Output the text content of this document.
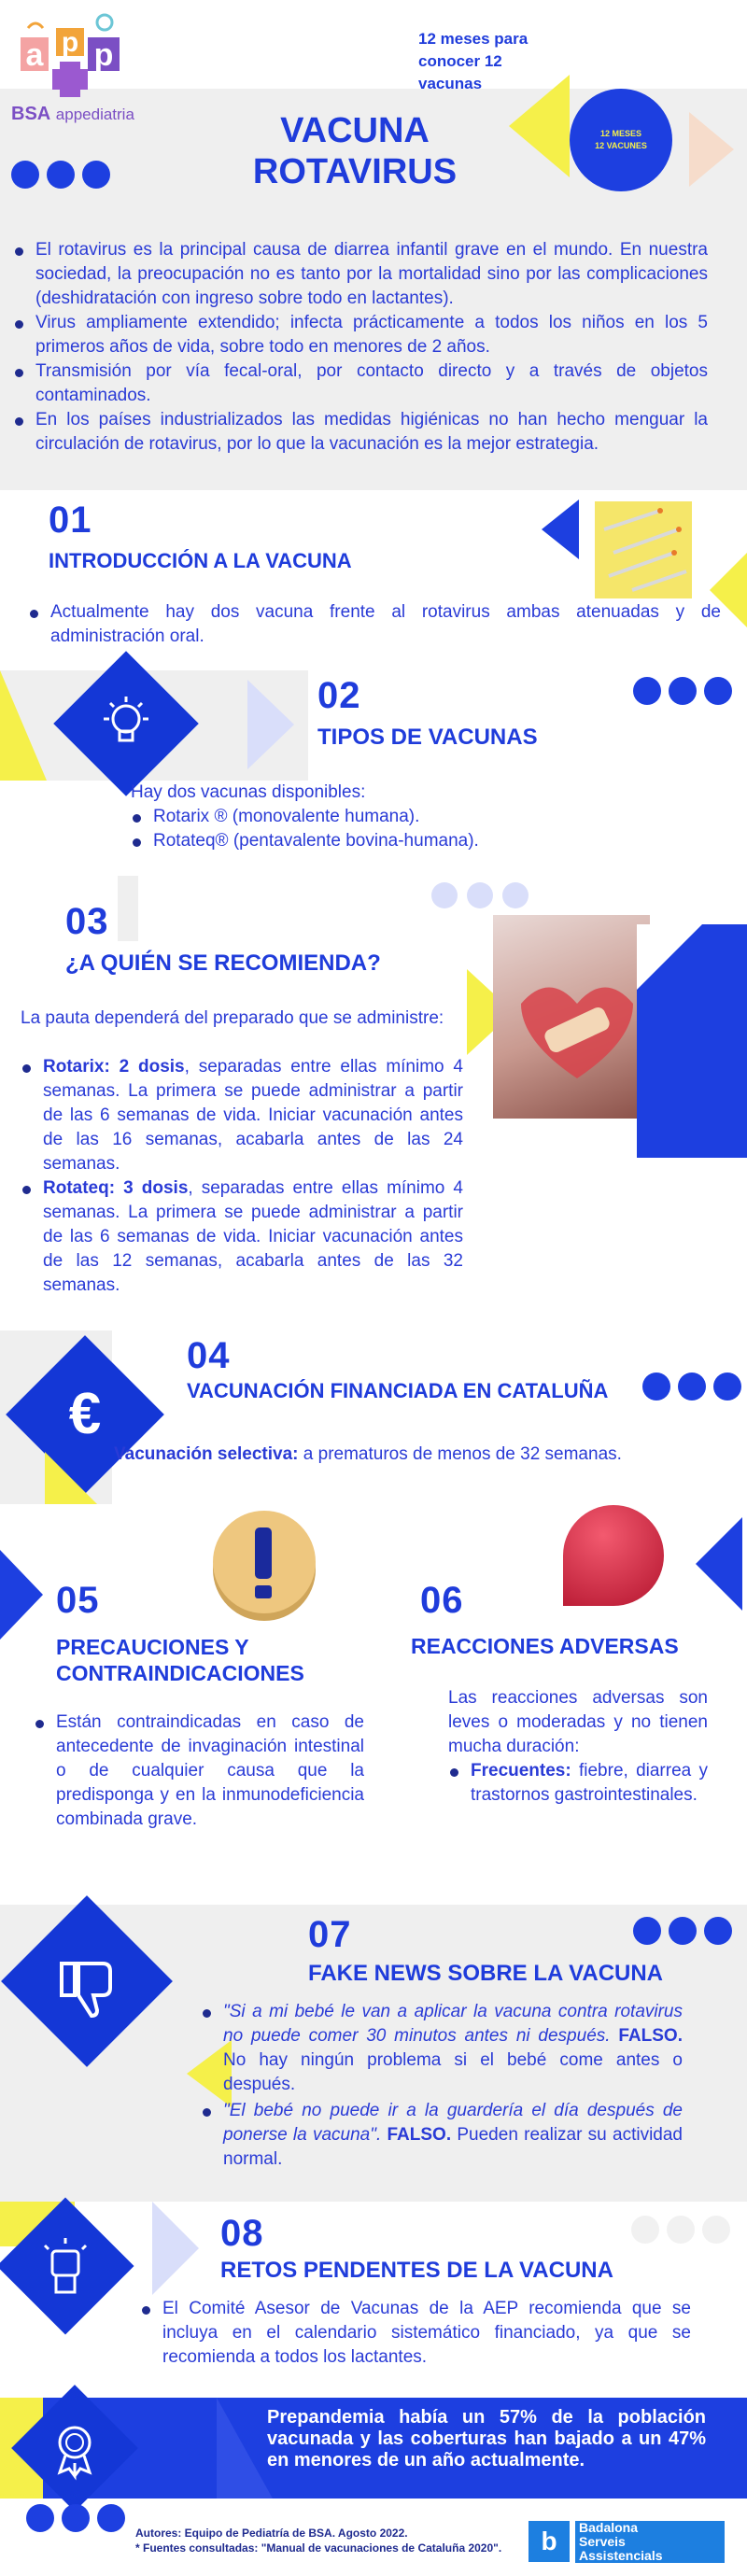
a p p
BSA appediatria
12 meses para conocer 12 vacunas
VACUNA
ROTAVIRUS
12 MESES
12 VACUNES
El rotavirus es la principal causa de diarrea infantil grave en el mundo. En nuestra sociedad, la preocupación no es tanto por la mortalidad sino por las complicaciones (deshidratación con ingreso sobre todo en lactantes).
Virus ampliamente extendido; infecta prácticamente a todos los niños en los 5 primeros años de vida, sobre todo en menores de 2 años.
Transmisión por vía fecal-oral, por contacto directo y a través de objetos contaminados.
En los países industrializados las medidas higiénicas no han hecho menguar la circulación de rotavirus, por lo que la vacunación es la mejor estrategia.
01
INTRODUCCIÓN A LA VACUNA
Actualmente hay dos vacuna frente al rotavirus ambas atenuadas y de administración oral.
02
TIPOS DE VACUNAS
Hay dos vacunas disponibles:
Rotarix ® (monovalente humana).
Rotateq® (pentavalente bovina-humana).
03
¿A QUIÉN SE RECOMIENDA?
La pauta dependerá del preparado que se administre:
Rotarix: 2 dosis, separadas entre ellas mínimo 4 semanas. La primera se puede administrar a partir de las 6 semanas de vida. Iniciar vacunación antes de las 16 semanas, acabarla antes de las 24 semanas.
Rotateq: 3 dosis, separadas entre ellas mínimo 4 semanas. La primera se puede administrar a partir de las 6 semanas de vida. Iniciar vacunación antes de las 12 semanas, acabarla antes de las 32 semanas.
€
04
VACUNACIÓN FINANCIADA EN CATALUÑA
Vacunación selectiva: a prematuros de menos de 32 semanas.
05
PRECAUCIONES Y CONTRAINDICACIONES
Están contraindicadas en caso de antecedente de invaginación intestinal o de cualquier causa que la predisponga y en la inmunodeficiencia combinada grave.
06
REACCIONES ADVERSAS
Las reacciones adversas son leves o moderadas y no tienen mucha duración:
Frecuentes: fiebre, diarrea y trastornos gastrointestinales.
07
FAKE NEWS SOBRE LA VACUNA
"Si a mi bebé le van a aplicar la vacuna contra rotavirus no puede comer 30 minutos antes ni después. FALSO. No hay ningún problema si el bebé come antes o después.
"El bebé no puede ir a la guardería el día después de ponerse la vacuna". FALSO. Pueden realizar su actividad normal.
08
RETOS PENDENTES DE LA VACUNA
El Comité Asesor de Vacunas de la AEP recomienda que se incluya en el calendario sistemático financiado, ya que se recomienda a todos los lactantes.
Prepandemia había un 57% de la población vacunada y las coberturas han bajado a un 47% en menores de un año actualmente.
Autores: Equipo de Pediatría de BSA. Agosto 2022.
* Fuentes consultadas: "Manual de vacunaciones de Cataluña 2020".	b	Badalona
Serveis
Assistencials
